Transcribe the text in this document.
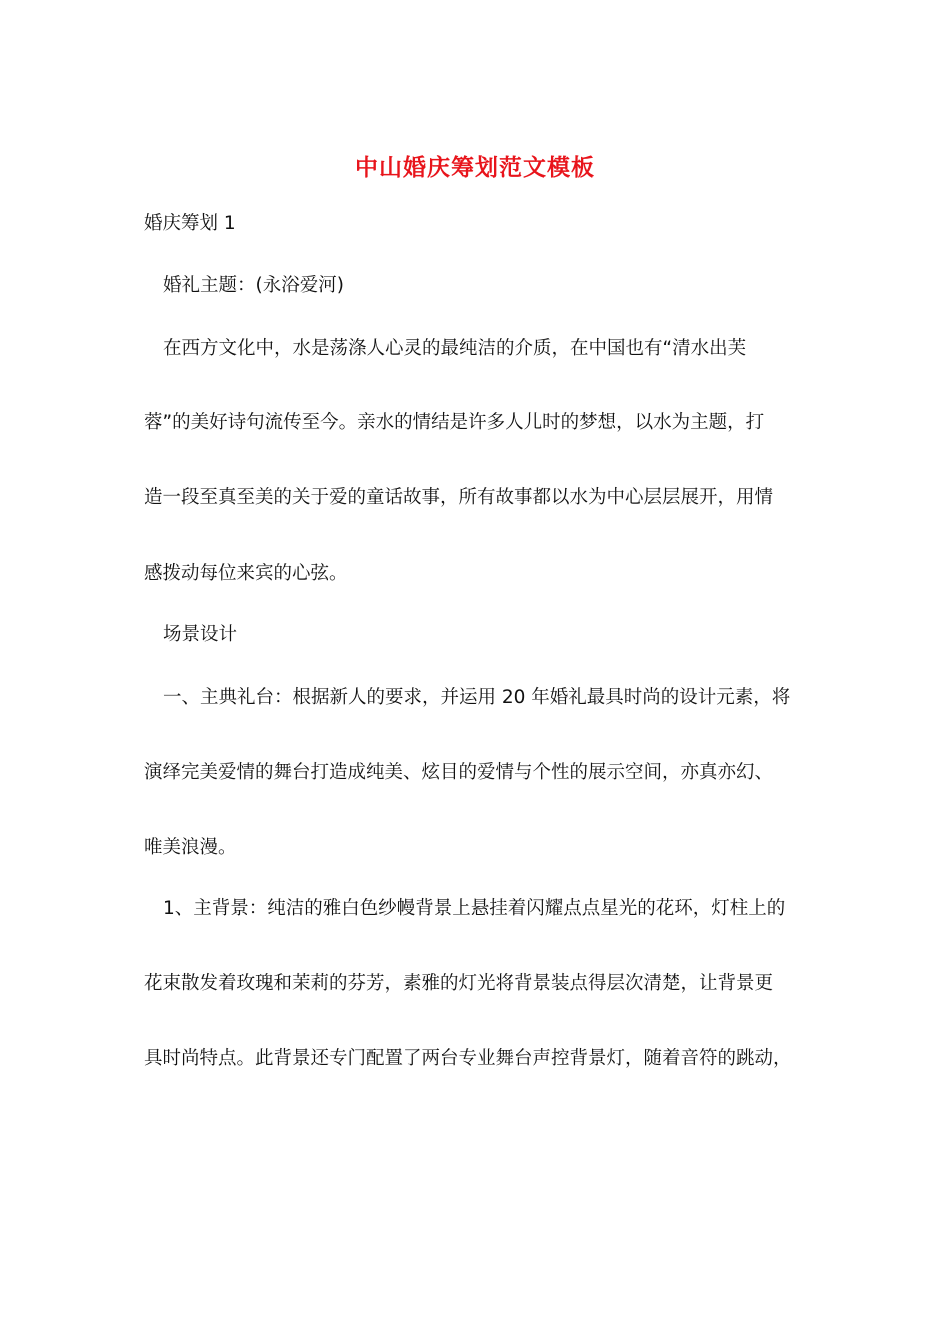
中山婚庆筹划范文模板
婚庆筹划 1
婚礼主题：(永浴爱河)
在西方文化中，水是荡涤人心灵的最纯洁的介质，在中国也有“清水出芙
蓉”的美好诗句流传至今。亲水的情结是许多人儿时的梦想，以水为主题，打
造一段至真至美的关于爱的童话故事，所有故事都以水为中心层层展开，用情
感拨动每位来宾的心弦。
场景设计
一、主典礼台：根据新人的要求，并运用 20 年婚礼最具时尚的设计元素，将
演绎完美爱情的舞台打造成纯美、炫目的爱情与个性的展示空间，亦真亦幻、
唯美浪漫。
1、主背景：纯洁的雅白色纱幔背景上悬挂着闪耀点点星光的花环，灯柱上的
花束散发着玫瑰和茉莉的芬芳，素雅的灯光将背景装点得层次清楚，让背景更
具时尚特点。此背景还专门配置了两台专业舞台声控背景灯，随着音符的跳动，
